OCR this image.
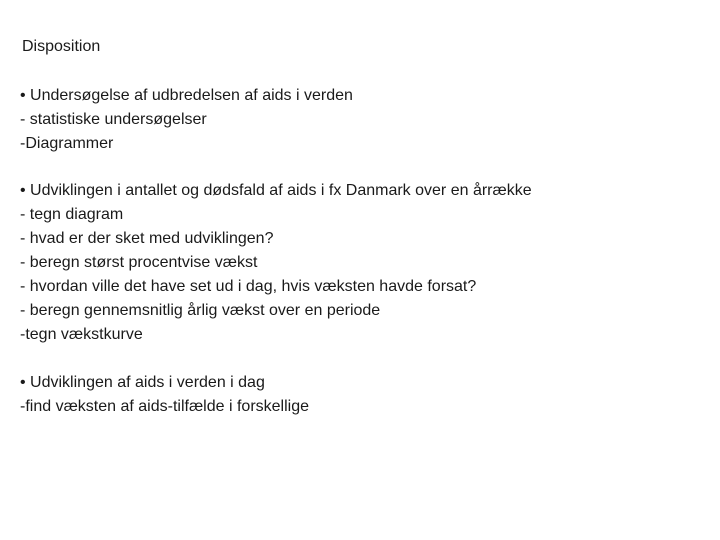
Disposition
• Undersøgelse af udbredelsen af aids i verden
- statistiske undersøgelser
-Diagrammer
• Udviklingen i antallet og dødsfald af aids i fx Danmark over en årrække
- tegn diagram
- hvad er der sket med udviklingen?
- beregn størst procentvise vækst
- hvordan ville det have set ud i dag, hvis væksten havde forsat?
- beregn gennemsnitlig årlig vækst over en periode
-tegn vækstkurve
• Udviklingen af aids i verden i dag
-find væksten af aids-tilfælde i forskellige
